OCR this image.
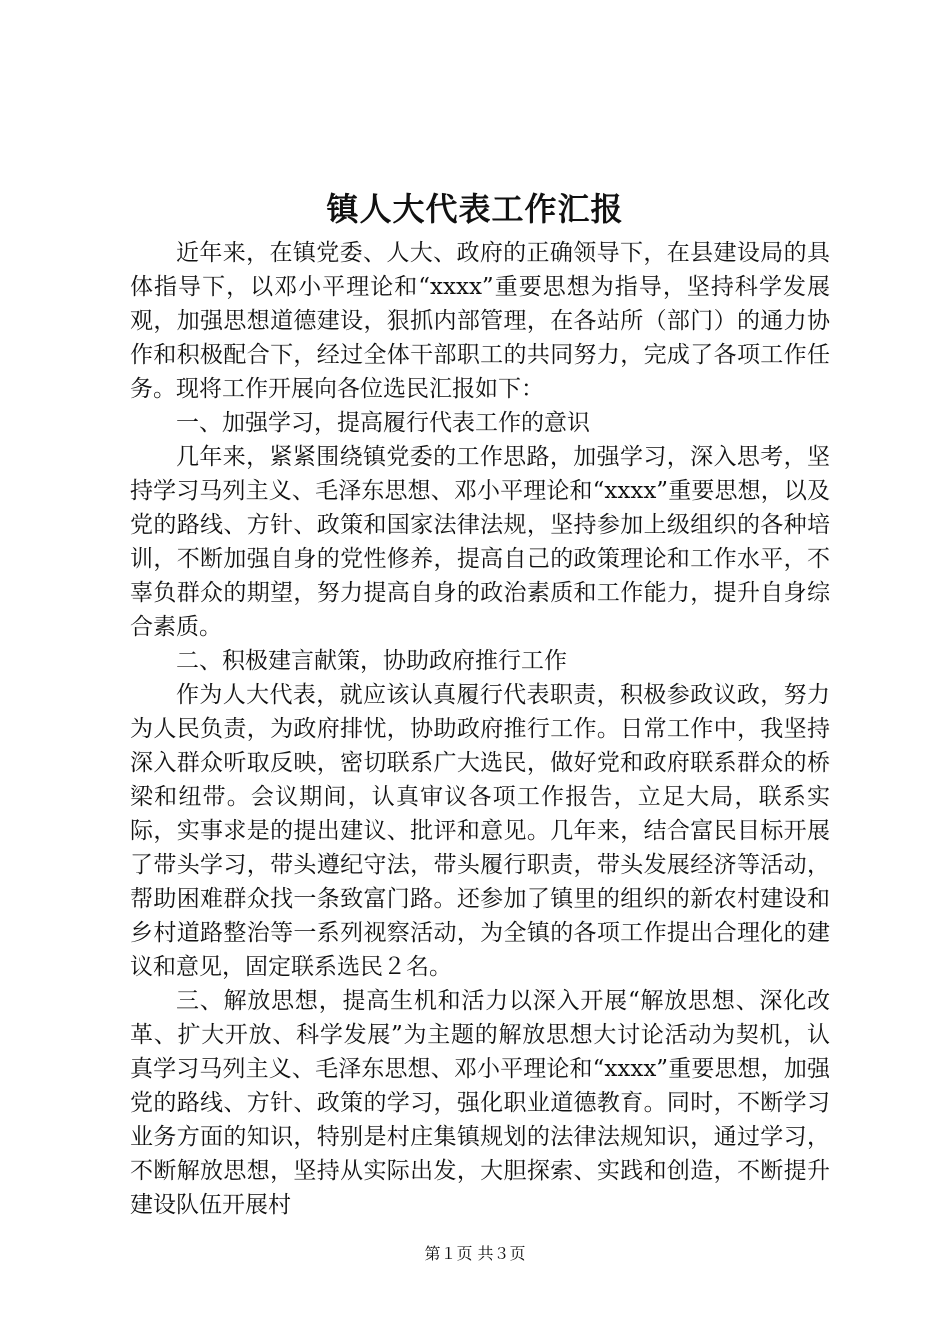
镇人大代表工作汇报

近年来，在镇党委、人大、政府的正确领导下，在县建设局的具体指导下，以邓小平理论和“xxxx”重要思想为指导，坚持科学发展观，加强思想道德建设，狠抓内部管理，在各站所（部门）的通力协作和积极配合下，经过全体干部职工的共同努力，完成了各项工作任务。现将工作开展向各位选民汇报如下：

一、加强学习，提高履行代表工作的意识

几年来，紧紧围绕镇党委的工作思路，加强学习，深入思考，坚持学习马列主义、毛泽东思想、邓小平理论和“xxxx”重要思想，以及党的路线、方针、政策和国家法律法规，坚持参加上级组织的各种培训，不断加强自身的党性修养，提高自己的政策理论和工作水平，不辜负群众的期望，努力提高自身的政治素质和工作能力，提升自身综合素质。

二、积极建言献策，协助政府推行工作

作为人大代表，就应该认真履行代表职责，积极参政议政，努力为人民负责，为政府排忧，协助政府推行工作。日常工作中，我坚持深入群众听取反映，密切联系广大选民，做好党和政府联系群众的桥梁和纽带。会议期间，认真审议各项工作报告，立足大局，联系实际，实事求是的提出建议、批评和意见。几年来，结合富民目标开展了带头学习，带头遵纪守法，带头履行职责，带头发展经济等活动，帮助困难群众找一条致富门路。还参加了镇里的组织的新农村建设和乡村道路整治等一系列视察活动，为全镇的各项工作提出合理化的建议和意见，固定联系选民２名。

三、解放思想，提高生机和活力以深入开展“解放思想、深化改革、扩大开放、科学发展”为主题的解放思想大讨论活动为契机，认真学习马列主义、毛泽东思想、邓小平理论和“xxxx”重要思想，加强党的路线、方针、政策的学习，强化职业道德教育。同时，不断学习业务方面的知识，特别是村庄集镇规划的法律法规知识，通过学习，不断解放思想，坚持从实际出发，大胆探索、实践和创造，不断提升建设队伍开展村

第１页 共３页
